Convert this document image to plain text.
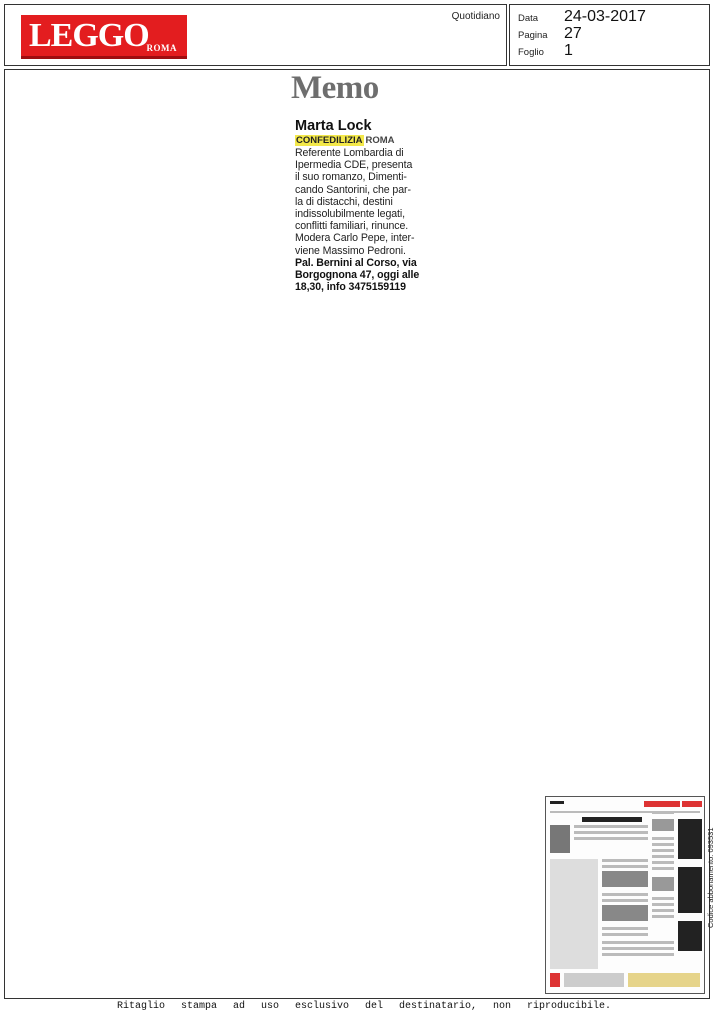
LEGGO
ROMA
Quotidiano Data	24-03-2017
Pagina	27
Foglio	1
Memo
Marta Lock
CONFEDILIZIA ROMA
Referente Lombardia di
Ipermedia CDE, presenta
il suo romanzo, Dimenti-
cando Santorini, che par-
la di distacchi, destini
indissolubilmente legati,
conflitti familiari, rinunce.
Modera Carlo Pepe, inter-
viene Massimo Pedroni.
Pal. Bernini al Corso, via
Borgognona 47, oggi alle
18,30, info 3475159119
Codice abbonamento: 093531
Ritaglio stampa ad uso esclusivo del destinatario, non riproducibile.
